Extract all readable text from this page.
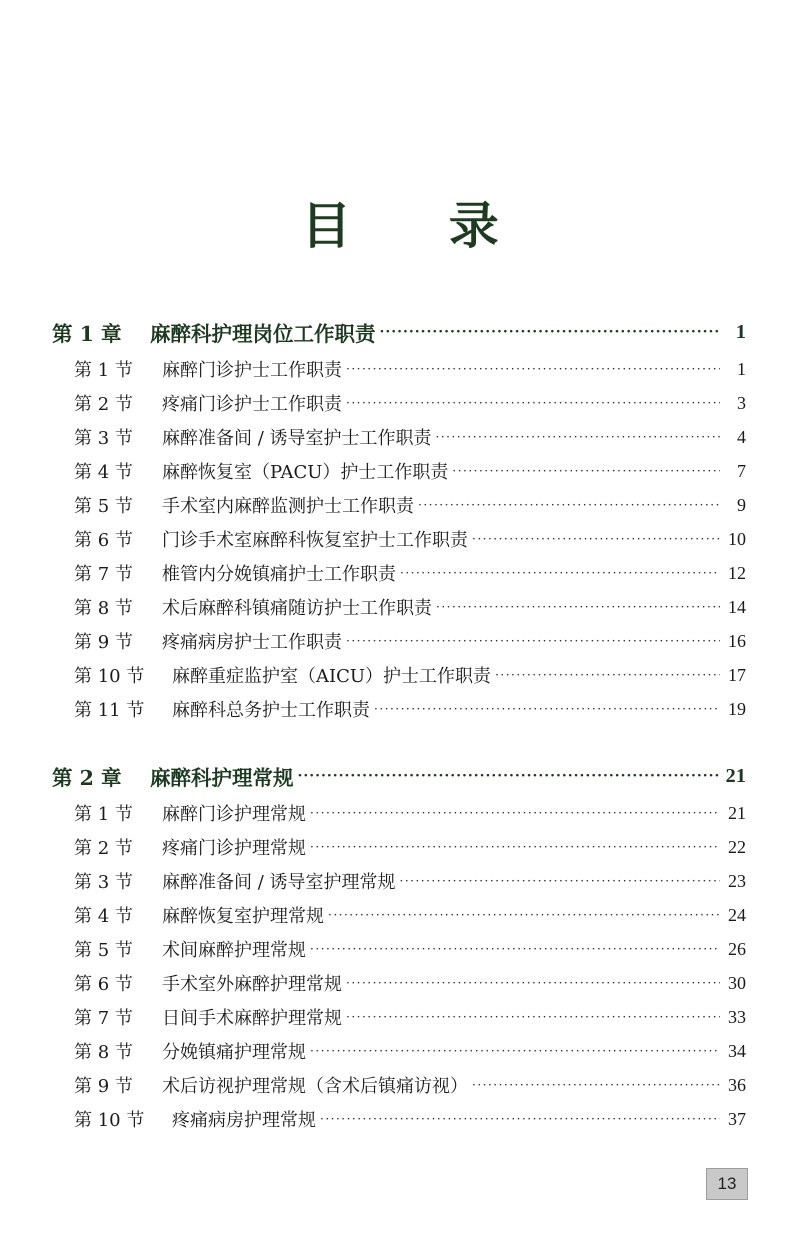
目 录
第 1 章	麻醉科护理岗位工作职责 ·····	1
第 1 节	麻醉门诊护士工作职责 ·····	1
第 2 节	疼痛门诊护士工作职责 ·····	3
第 3 节	麻醉准备间 / 诱导室护士工作职责 ·····	4
第 4 节	麻醉恢复室（PACU）护士工作职责 ·····	7
第 5 节	手术室内麻醉监测护士工作职责 ·····	9
第 6 节	门诊手术室麻醉科恢复室护士工作职责 ·····	10
第 7 节	椎管内分娩镇痛护士工作职责 ·····	12
第 8 节	术后麻醉科镇痛随访护士工作职责 ·····	14
第 9 节	疼痛病房护士工作职责 ·····	16
第 10 节	麻醉重症监护室（AICU）护士工作职责 ·····	17
第 11 节	麻醉科总务护士工作职责 ·····	19
第 2 章	麻醉科护理常规 ·····	21
第 1 节	麻醉门诊护理常规 ·····	21
第 2 节	疼痛门诊护理常规 ·····	22
第 3 节	麻醉准备间 / 诱导室护理常规 ·····	23
第 4 节	麻醉恢复室护理常规 ·····	24
第 5 节	术间麻醉护理常规 ·····	26
第 6 节	手术室外麻醉护理常规 ·····	30
第 7 节	日间手术麻醉护理常规 ·····	33
第 8 节	分娩镇痛护理常规 ·····	34
第 9 节	术后访视护理常规（含术后镇痛访视） ·····	36
第 10 节	疼痛病房护理常规 ·····	37
13
